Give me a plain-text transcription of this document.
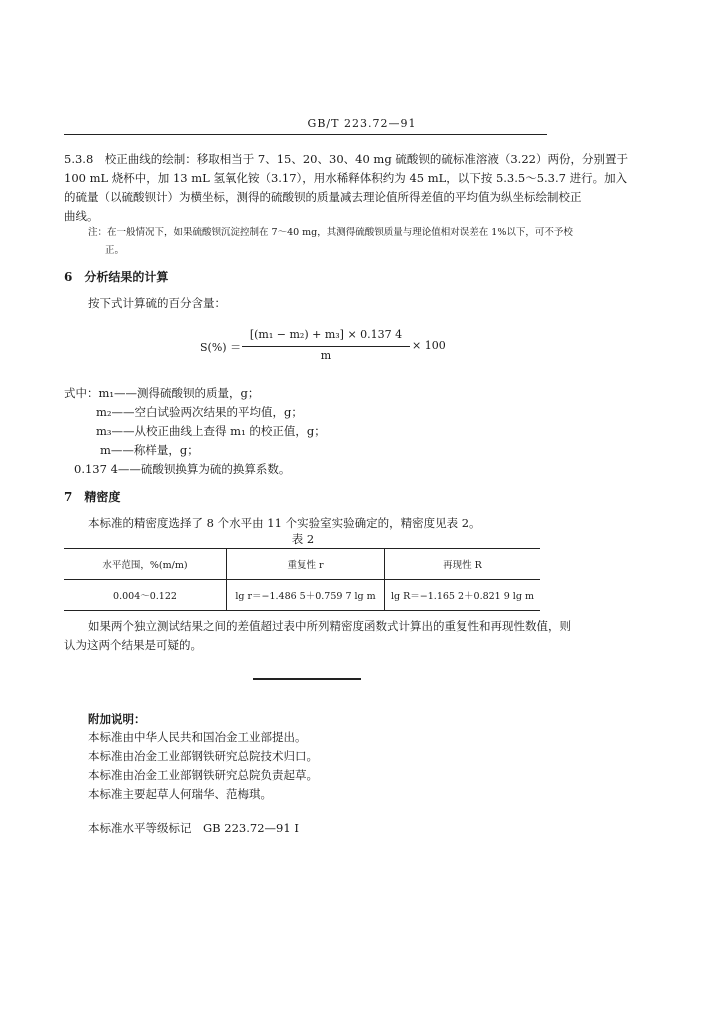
GB/T 223.72—91
5.3.8　校正曲线的绘制：移取相当于 7、15、20、30、40 mg 硫酸钡的硫标准溶液（3.22）两份，分别置于
100 mL 烧杯中，加 13 mL 氢氧化铵（3.17），用水稀释体积约为 45 mL，以下按 5.3.5～5.3.7 进行。加入
的硫量（以硫酸钡计）为横坐标，测得的硫酸钡的质量减去理论值所得差值的平均值为纵坐标绘制校正
曲线。
注：在一般情况下，如果硫酸钡沉淀控制在 7～40 mg，其测得硫酸钡质量与理论值相对误差在 1%以下，可不予校
正。
6　分析结果的计算
按下式计算硫的百分含量：
S(%) ＝
[(m₁ − m₂) + m₃] × 0.137 4
m
× 100
式中：m₁——测得硫酸钡的质量，g；
m₂——空白试验两次结果的平均值，g；
m₃——从校正曲线上查得 m₁ 的校正值，g；
m——称样量，g；
0.137 4——硫酸钡换算为硫的换算系数。
7　精密度
本标准的精密度选择了 8 个水平由 11 个实验室实验确定的，精密度见表 2。
表 2
水平范围，%(m/m)	重复性 r	再现性 R
0.004～0.122	lg r＝−1.486 5＋0.759 7 lg m	lg R＝−1.165 2＋0.821 9 lg m
如果两个独立测试结果之间的差值超过表中所列精密度函数式计算出的重复性和再现性数值，则
认为这两个结果是可疑的。
附加说明：
本标准由中华人民共和国冶金工业部提出。
本标准由冶金工业部钢铁研究总院技术归口。
本标准由冶金工业部钢铁研究总院负责起草。
本标准主要起草人何瑞华、范梅琪。
本标准水平等级标记　GB 223.72—91 Ⅰ
